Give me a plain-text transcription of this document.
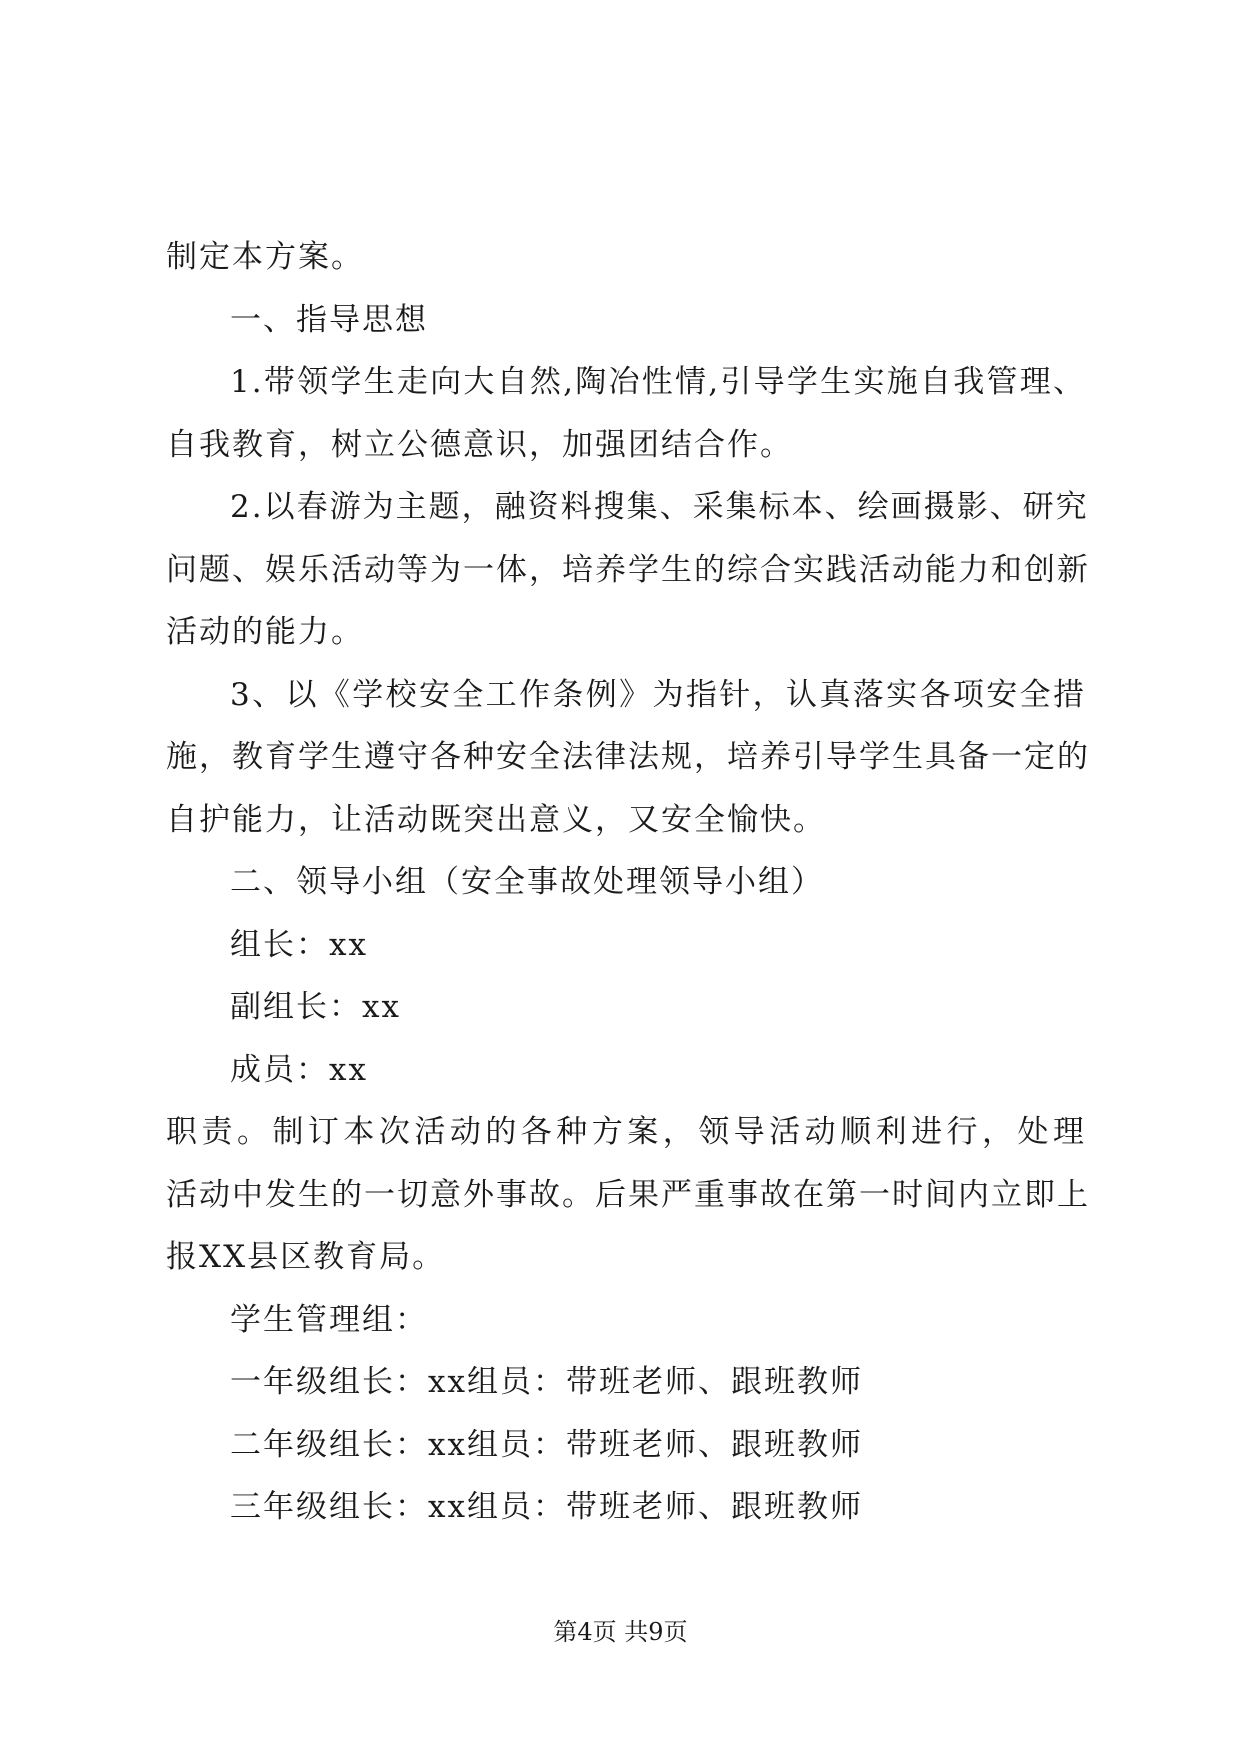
制定本方案。
一、指导思想
1.带领学生走向大自然,陶冶性情,引导学生实施自我管理、
自我教育，树立公德意识，加强团结合作。
2.以春游为主题，融资料搜集、采集标本、绘画摄影、研究
问题、娱乐活动等为一体，培养学生的综合实践活动能力和创新
活动的能力。
3、以《学校安全工作条例》为指针，认真落实各项安全措
施，教育学生遵守各种安全法律法规，培养引导学生具备一定的
自护能力，让活动既突出意义，又安全愉快。
二、领导小组（安全事故处理领导小组）
组长：xx
副组长：xx
成员：xx
职责。制订本次活动的各种方案，领导活动顺利进行，处理
活动中发生的一切意外事故。后果严重事故在第一时间内立即上
报XX县区教育局。
学生管理组：
一年级组长：xx组员：带班老师、跟班教师
二年级组长：xx组员：带班老师、跟班教师
三年级组长：xx组员：带班老师、跟班教师
第4页 共9页
